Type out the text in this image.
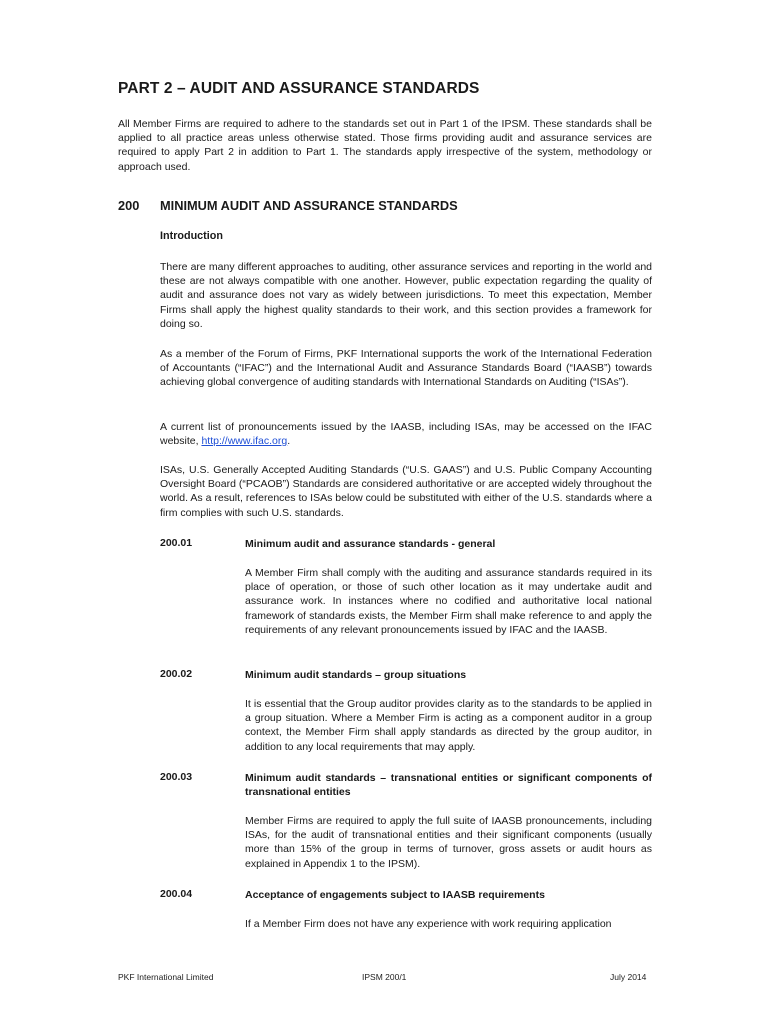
PART 2 – AUDIT AND ASSURANCE STANDARDS

All Member Firms are required to adhere to the standards set out in Part 1 of the IPSM. These standards shall be applied to all practice areas unless otherwise stated. Those firms providing audit and assurance services are required to apply Part 2 in addition to Part 1. The standards apply irrespective of the system, methodology or approach used.

200 MINIMUM AUDIT AND ASSURANCE STANDARDS
Introduction

There are many different approaches to auditing, other assurance services and reporting in the world and these are not always compatible with one another. However, public expectation regarding the quality of audit and assurance does not vary as widely between jurisdictions. To meet this expectation, Member Firms shall apply the highest quality standards to their work, and this section provides a framework for doing so.

As a member of the Forum of Firms, PKF International supports the work of the International Federation of Accountants (“IFAC”) and the International Audit and Assurance Standards Board (“IAASB”) towards achieving global convergence of auditing standards with International Standards on Auditing (“ISAs”).

A current list of pronouncements issued by the IAASB, including ISAs, may be accessed on the IFAC website, http://www.ifac.org.

ISAs, U.S. Generally Accepted Auditing Standards (“U.S. GAAS”) and U.S. Public Company Accounting Oversight Board (“PCAOB”) Standards are considered authoritative or are accepted widely throughout the world. As a result, references to ISAs below could be substituted with either of the U.S. standards where a firm complies with such U.S. standards.

200.01	Minimum audit and assurance standards - general

A Member Firm shall comply with the auditing and assurance standards required in its place of operation, or those of such other location as it may undertake audit and assurance work. In instances where no codified and authoritative local national framework of standards exists, the Member Firm shall make reference to and apply the requirements of any relevant pronouncements issued by IFAC and the IAASB.

200.02	Minimum audit standards – group situations

It is essential that the Group auditor provides clarity as to the standards to be applied in a group situation. Where a Member Firm is acting as a component auditor in a group context, the Member Firm shall apply standards as directed by the group auditor, in addition to any local requirements that may apply.

200.03	Minimum audit standards – transnational entities or significant components of transnational entities

Member Firms are required to apply the full suite of IAASB pronouncements, including ISAs, for the audit of transnational entities and their significant components (usually more than 15% of the group in terms of turnover, gross assets or audit hours as explained in Appendix 1 to the IPSM).

200.04	Acceptance of engagements subject to IAASB requirements

If a Member Firm does not have any experience with work requiring application

PKF International Limited	IPSM 200/1	July 2014
